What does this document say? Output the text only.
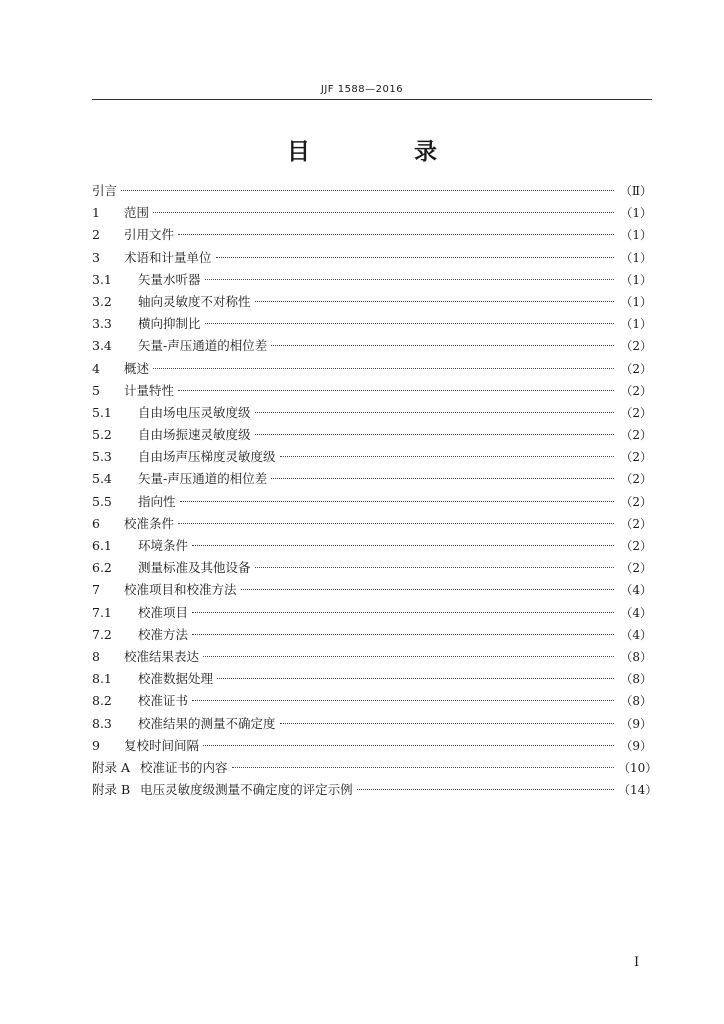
JJF 1588—2016
目 录
引言	（Ⅱ）
1	范围	（1）
2	引用文件	（1）
3	术语和计量单位	（1）
3.1	矢量水听器	（1）
3.2	轴向灵敏度不对称性	（1）
3.3	横向抑制比	（1）
3.4	矢量-声压通道的相位差	（2）
4	概述	（2）
5	计量特性	（2）
5.1	自由场电压灵敏度级	（2）
5.2	自由场振速灵敏度级	（2）
5.3	自由场声压梯度灵敏度级	（2）
5.4	矢量-声压通道的相位差	（2）
5.5	指向性	（2）
6	校准条件	（2）
6.1	环境条件	（2）
6.2	测量标准及其他设备	（2）
7	校准项目和校准方法	（4）
7.1	校准项目	（4）
7.2	校准方法	（4）
8	校准结果表达	（8）
8.1	校准数据处理	（8）
8.2	校准证书	（8）
8.3	校准结果的测量不确定度	（9）
9	复校时间间隔	（9）
附录 A 校准证书的内容	（10）
附录 B 电压灵敏度级测量不确定度的评定示例	（14）
Ⅰ
